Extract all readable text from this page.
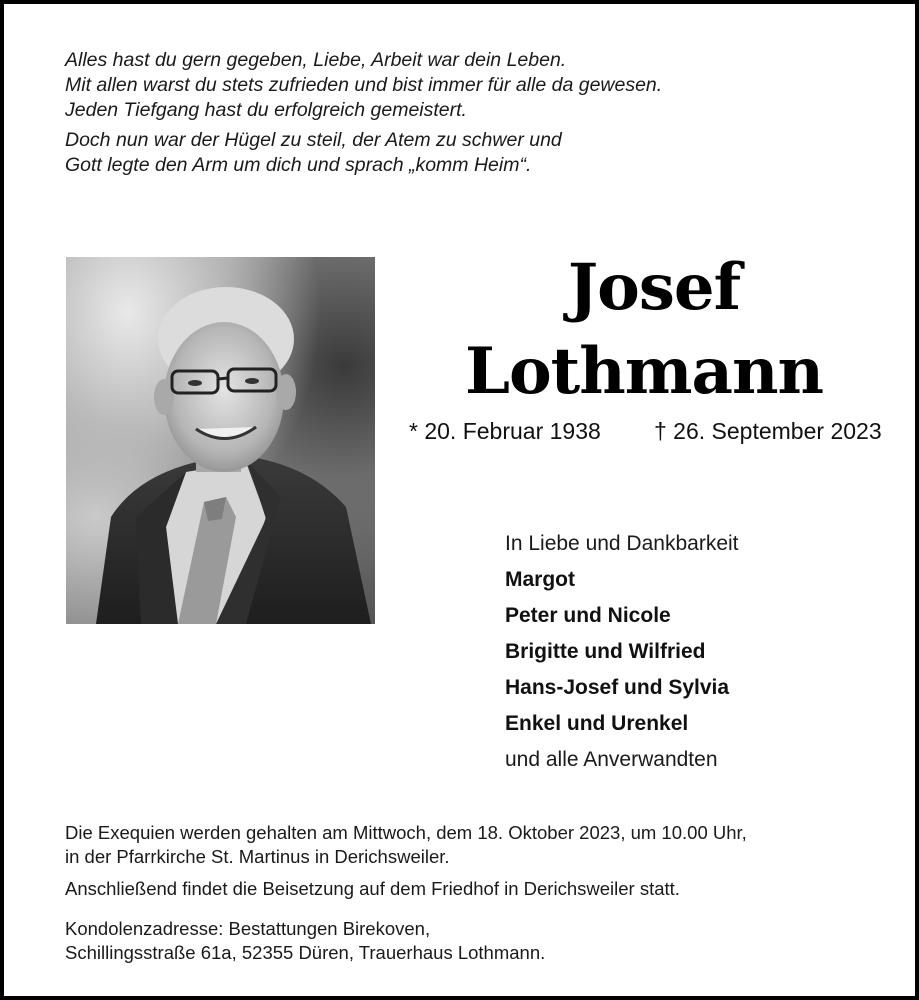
Alles hast du gern gegeben, Liebe, Arbeit war dein Leben.
Mit allen warst du stets zufrieden und bist immer für alle da gewesen.
Jeden Tiefgang hast du erfolgreich gemeistert.
Doch nun war der Hügel zu steil, der Atem zu schwer und
Gott legte den Arm um dich und sprach „komm Heim“.
Josef
Lothmann
* 20. Februar 1938 † 26. September 2023
In Liebe und Dankbarkeit
Margot
Peter und Nicole
Brigitte und Wilfried
Hans-Josef und Sylvia
Enkel und Urenkel
und alle Anverwandten
Die Exequien werden gehalten am Mittwoch, dem 18. Oktober 2023, um 10.00 Uhr,
in der Pfarrkirche St. Martinus in Derichsweiler.
Anschließend findet die Beisetzung auf dem Friedhof in Derichsweiler statt.
Kondolenzadresse: Bestattungen Birekoven,
Schillingsstraße 61a, 52355 Düren, Trauerhaus Lothmann.
